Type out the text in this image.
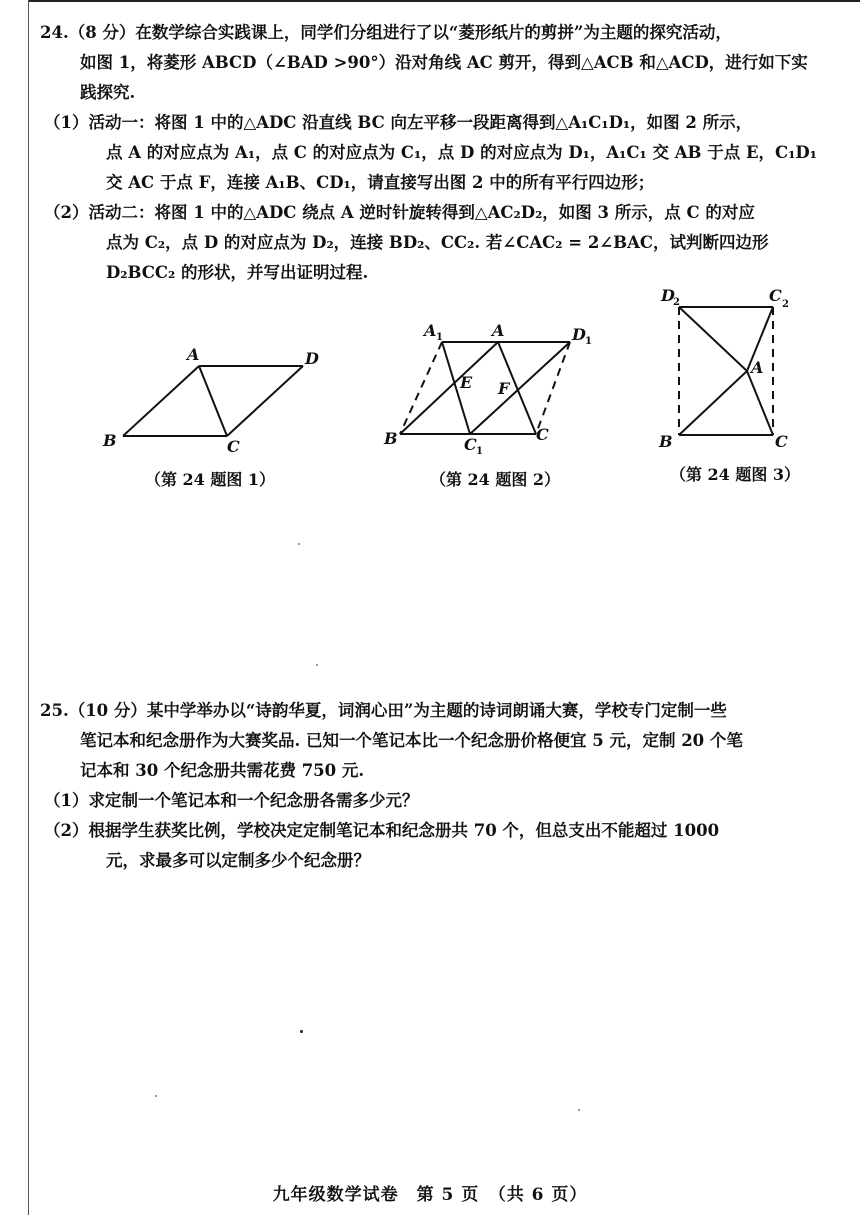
24.（8 分）在数学综合实践课上，同学们分组进行了以“菱形纸片的剪拼”为主题的探究活动，

如图 1，将菱形 ABCD（∠BAD >90°）沿对角线 AC 剪开，得到△ACB 和△ACD，进行如下实

践探究.

（1）活动一：将图 1 中的△ADC 沿直线 BC 向左平移一段距离得到△A₁C₁D₁，如图 2 所示，

点 A 的对应点为 A₁，点 C 的对应点为 C₁，点 D 的对应点为 D₁，A₁C₁ 交 AB 于点 E，C₁D₁

交 AC 于点 F，连接 A₁B、CD₁，请直接写出图 2 中的所有平行四边形；

（2）活动二：将图 1 中的△ADC 绕点 A 逆时针旋转得到△AC₂D₂，如图 3 所示，点 C 的对应

点为 C₂，点 D 的对应点为 D₂，连接 BD₂、CC₂. 若∠CAC₂ = 2∠BAC，试判断四边形

D₂BCC₂ 的形状，并写出证明过程.

A	D
B	C
（第 24 题图 1）
A 1	A	D 1
E F
B	C 1
C
（第 24 题图 2）
D
2	C 2
A
B	C
（第 24 题图 3）

25.（10 分）某中学举办以“诗韵华夏，词润心田”为主题的诗词朗诵大赛，学校专门定制一些

笔记本和纪念册作为大赛奖品. 已知一个笔记本比一个纪念册价格便宜 5 元，定制 20 个笔

记本和 30 个纪念册共需花费 750 元.

（1）求定制一个笔记本和一个纪念册各需多少元？

（2）根据学生获奖比例，学校决定定制笔记本和纪念册共 70 个，但总支出不能超过 1000

元，求最多可以定制多少个纪念册？

九年级数学试卷　第 5 页　（共 6 页）
